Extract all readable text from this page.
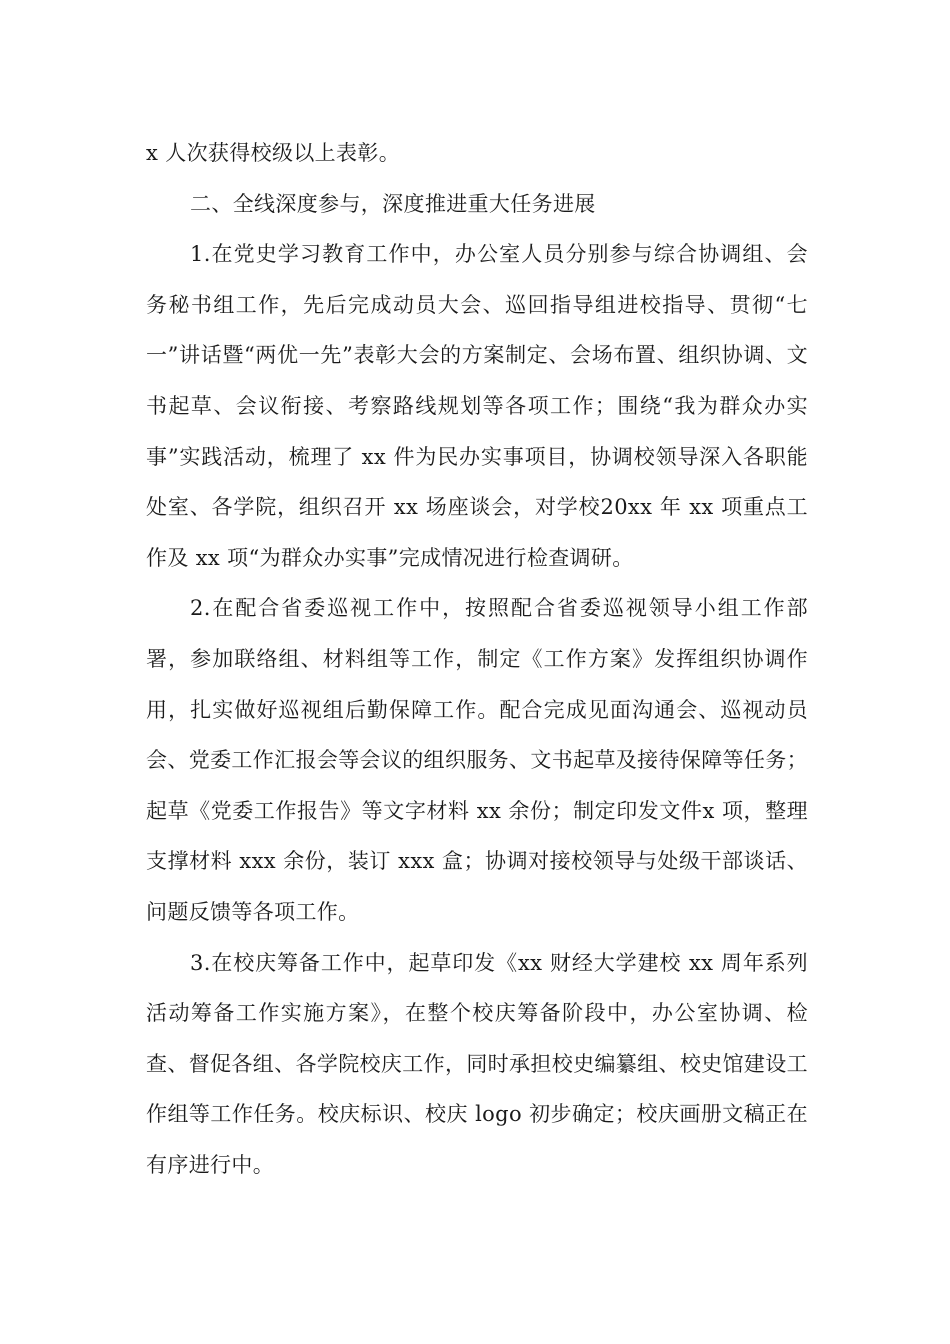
x 人次获得校级以上表彰。

二、全线深度参与，深度推进重大任务进展

1.在党史学习教育工作中，办公室人员分别参与综合协调组、会务秘书组工作，先后完成动员大会、巡回指导组进校指导、贯彻“七一”讲话暨“两优一先”表彰大会的方案制定、会场布置、组织协调、文书起草、会议衔接、考察路线规划等各项工作；围绕“我为群众办实事”实践活动，梳理了 xx 件为民办实事项目，协调校领导深入各职能处室、各学院，组织召开 xx 场座谈会，对学校20xx 年 xx 项重点工作及 xx 项“为群众办实事”完成情况进行检查调研。

2.在配合省委巡视工作中，按照配合省委巡视领导小组工作部署，参加联络组、材料组等工作，制定《工作方案》发挥组织协调作用，扎实做好巡视组后勤保障工作。配合完成见面沟通会、巡视动员会、党委工作汇报会等会议的组织服务、文书起草及接待保障等任务；起草《党委工作报告》等文字材料 xx 余份；制定印发文件x 项，整理支撑材料 xxx 余份，装订 xxx 盒；协调对接校领导与处级干部谈话、问题反馈等各项工作。

3.在校庆筹备工作中，起草印发《xx 财经大学建校 xx 周年系列活动筹备工作实施方案》，在整个校庆筹备阶段中，办公室协调、检查、督促各组、各学院校庆工作，同时承担校史编纂组、校史馆建设工作组等工作任务。校庆标识、校庆 logo 初步确定；校庆画册文稿正在有序进行中。
